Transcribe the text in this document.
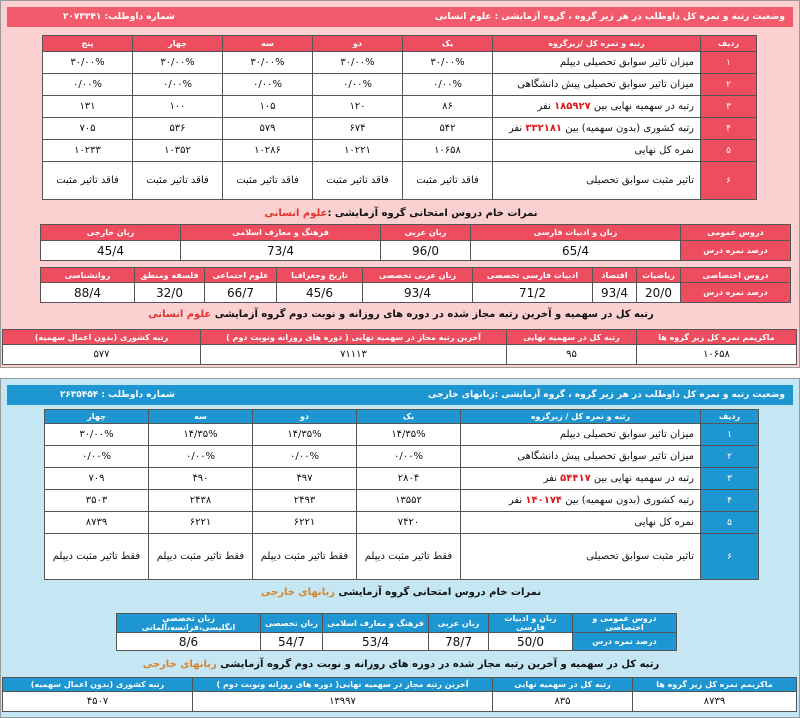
وضعیت رتبه و نمره کل داوطلب در هر زیر گروه ، گروه آزمایشی : علوم انسانی
شماره داوطلب: ۲۰۷۳۳۴۱
ردیف	رتبه و نمره کل /زیرگروه	یک	دو	سه	چهار	پنج
۱	میزان تاثیر سوابق تحصیلی دیپلم	۳۰/۰۰%	۳۰/۰۰%	۳۰/۰۰%	۳۰/۰۰%	۳۰/۰۰%
۲	میزان تاثیر سوابق تحصیلی پیش دانشگاهی	۰/۰۰%	۰/۰۰%	۰/۰۰%	۰/۰۰%	۰/۰۰%
۳	رتبه در سهمیه نهایی بین ۱۸۵۹۲۷ نفر	۸۶	۱۲۰	۱۰۵	۱۰۰	۱۳۱
۴	رتبه کشوری (بدون سهمیه) بین ۳۳۲۱۸۱ نفر	۵۴۲	۶۷۴	۵۷۹	۵۳۶	۷۰۵
۵	نمره کل نهایی	۱۰۶۵۸	۱۰۲۲۱	۱۰۲۸۶	۱۰۳۵۲	۱۰۲۳۳
۶	تاثیر مثبت سوابق تحصیلی	فاقد تاثیر مثبت	فاقد تاثیر مثبت	فاقد تاثیر مثبت	فاقد تاثیر مثبت	فاقد تاثیر مثبت
نمرات خام دروس امتحانی گروه آزمایشی :علوم انسانی
دروس عمومی	زبان و ادبیات فارسی	زبان عربی	فرهنگ و معارف اسلامی	زبان خارجی
درصد نمره درس	65/4	96/0	73/4	45/4
دروس اختصاصی	ریاضیات	اقتصاد	ادبیات فارسی تخصصی	زبان عربی تخصصی	تاریخ وجغرافیا	علوم اجتماعی	فلسفه ومنطق	روانشناسی
درصد نمره درس	20/0	93/4	71/2	93/4	45/6	66/7	32/0	88/4
رتبه کل در سهمیه و آخرین رتبه مجاز شده در دوره های روزانه و نوبت دوم گروه آزمایشی علوم انسانی
ماکزیمم نمره کل زیر گروه ها	رتبه کل در سهمیه نهایی	آخرین رتبه مجاز در سهمیه نهایی ( دوره های روزانه ونوبت دوم )	رتبه کشوری (بدون اعمال سهمیه)
۱۰۶۵۸	۹۵	۷۱۱۱۳	۵۷۷
وضعیت رتبه و نمره کل داوطلب در هر زیر گروه ، گروه آزمایشی :زبانهای خارجی
شماره داوطلب : ۲۶۳۵۴۵۴
ردیف	رتبه و نمره کل / زیرگروه	یک	دو	سه	چهار
۱	میزان تاثیر سوابق تحصیلی دیپلم	۱۴/۳۵%	۱۴/۳۵%	۱۴/۳۵%	۳۰/۰۰%
۲	میزان تاثیر سوابق تحصیلی پیش دانشگاهی	۰/۰۰%	۰/۰۰%	۰/۰۰%	۰/۰۰%
۳	رتبه در سهمیه نهایی بین ۵۴۴۱۷ نفر	۲۸۰۴	۴۹۷	۴۹۰	۷۰۹
۴	رتبه کشوری (بدون سهمیه) بین ۱۴۰۱۷۴ نفر	۱۳۵۵۲	۲۴۹۳	۲۴۳۸	۳۵۰۳
۵	نمره کل نهایی	۷۴۲۰	۶۲۲۱	۶۲۲۱	۸۷۳۹
۶	تاثیر مثبت سوابق تحصیلی	فقط تاثیر مثبت دیپلم	فقط تاثیر مثبت دیپلم	فقط تاثیر مثبت دیپلم	فقط تاثیر مثبت دیپلم
نمرات خام دروس امتحانی گروه آزمایشی زبانهای خارجی
دروس عمومی و اختصاصی	زبان و ادبیات فارسی	زبان عربی	فرهنگ و معارف اسلامی	زبان تخصصی	زبان تخصصی انگلیسی،فرانسه،آلمانی
درصد نمره درس	50/0	78/7	53/4	54/7	8/6
رتبه کل در سهمیه و آخرین رتبه مجاز شده در دوره های روزانه و نوبت دوم گروه آزمایشی زبانهای خارجی
ماکزیمم نمره کل زیر گروه ها	رتبه کل در سهمیه نهایی	آخرین رتبه مجاز در سهمیه نهایی( دوره های روزانه ونوبت دوم )	رتبه کشوری (بدون اعمال سهمیه)
۸۷۳۹	۸۳۵	۱۳۹۹۷	۴۵۰۷
